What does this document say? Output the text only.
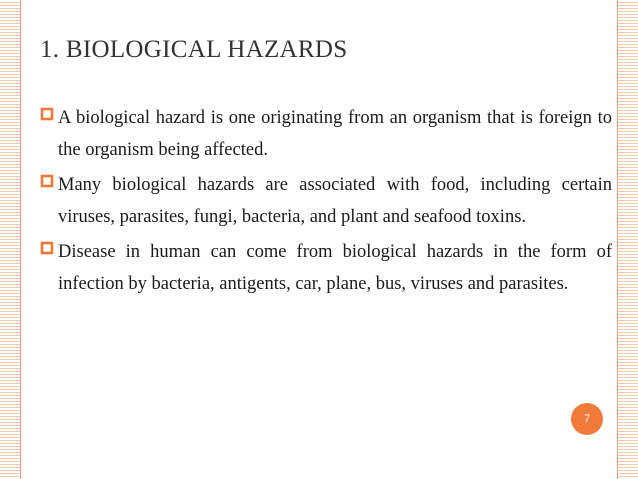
1. BIOLOGICAL HAZARDS
A biological hazard is one originating from an organism that is foreign to the organism being affected.
Many biological hazards are associated with food, including certain viruses, parasites, fungi, bacteria, and plant and seafood toxins.
Disease in human can come from biological hazards in the form of infection by bacteria, antigents, car, plane, bus, viruses and parasites.
7
